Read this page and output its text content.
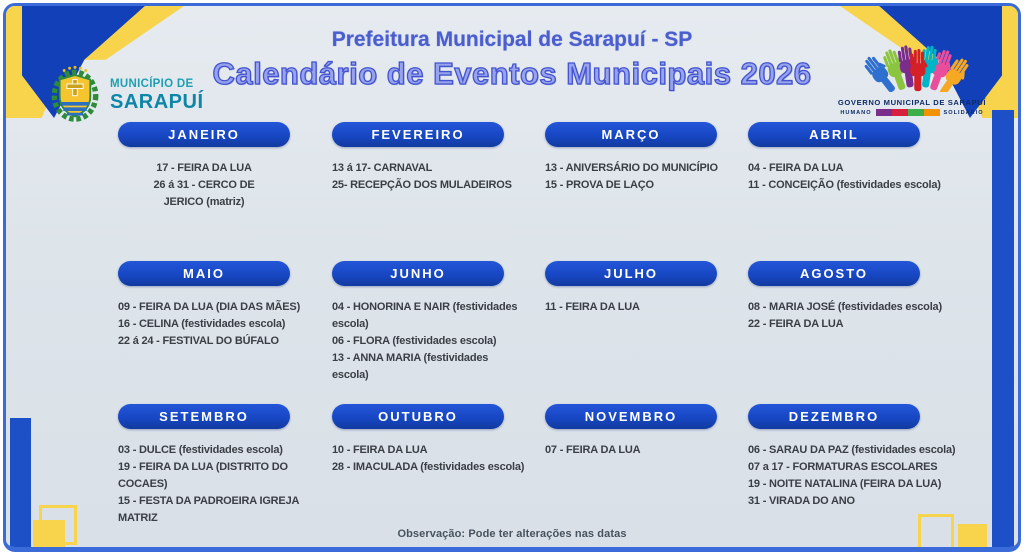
Prefeitura Municipal de Sarapuí - SP
Calendário de Eventos Municipais 2026
MUNICÍPIO DE
SARAPUÍ	GOVERNO MUNICIPAL DE SARAPUÍ
HUMANO	SOLIDÁRIO
JANEIRO
17 - FEIRA DA LUA
26 á 31 - CERCO DE JERICO (matriz)
FEVEREIRO
13 á 17- CARNAVAL
25- RECEPÇÃO DOS MULADEIROS
MARÇO
13 - ANIVERSÁRIO DO MUNICÍPIO
15 - PROVA DE LAÇO
ABRIL
04 - FEIRA DA LUA
11 - CONCEIÇÃO (festividades escola)
MAIO
09 - FEIRA DA LUA (DIA DAS MÃES)
16 - CELINA (festividades escola)
22 á 24 - FESTIVAL DO BÚFALO
JUNHO
04 - HONORINA E NAIR (festividades escola)
06 - FLORA (festividades escola)
13 - ANNA MARIA (festividades escola)
JULHO
11 - FEIRA DA LUA
AGOSTO
08 - MARIA JOSÉ (festividades escola)
22 - FEIRA DA LUA
SETEMBRO
03 - DULCE (festividades escola)
19 - FEIRA DA LUA (DISTRITO DO COCAES)
15 - FESTA DA PADROEIRA IGREJA MATRIZ
OUTUBRO
10 - FEIRA DA LUA
28 - IMACULADA (festividades escola)
NOVEMBRO
07 - FEIRA DA LUA
DEZEMBRO
06 - SARAU DA PAZ (festividades escola)
07 a 17 - FORMATURAS ESCOLARES
19 - NOITE NATALINA (FEIRA DA LUA)
31 - VIRADA DO ANO
Observação: Pode ter alterações nas datas
